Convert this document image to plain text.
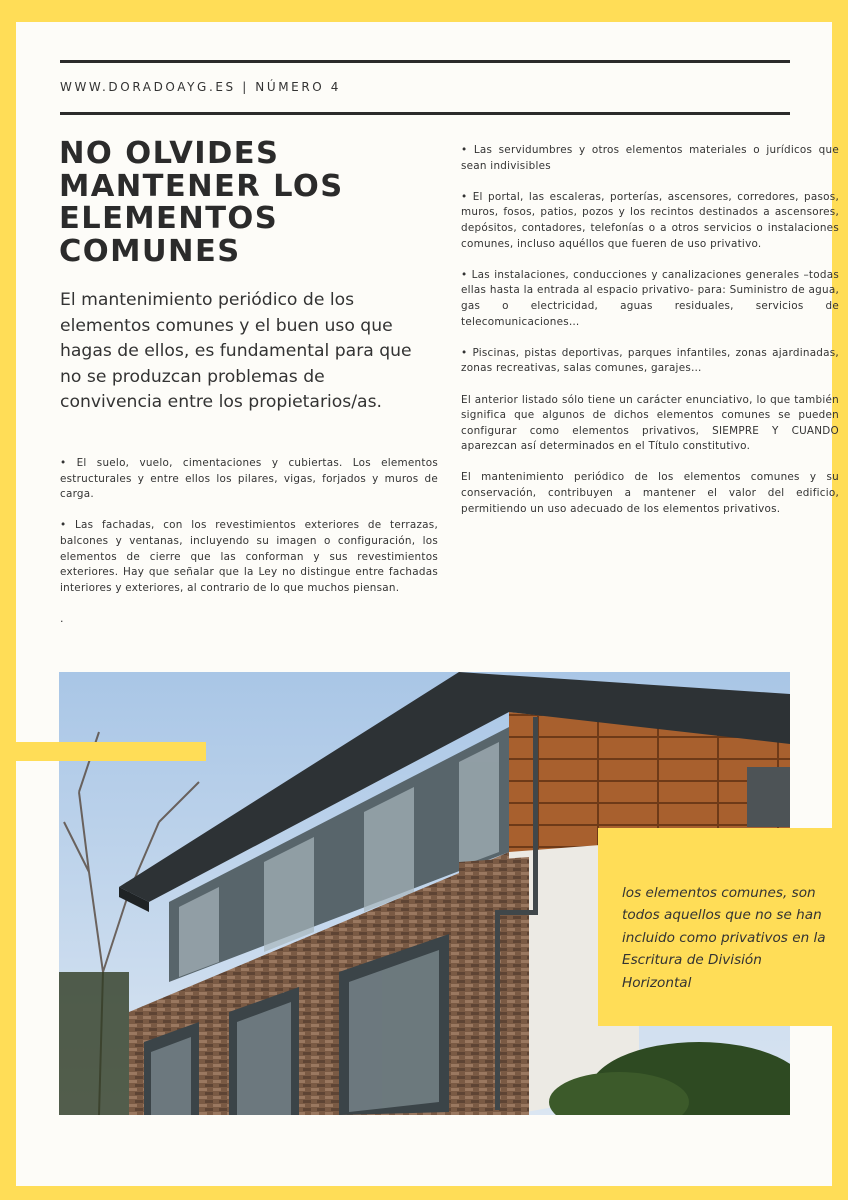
WWW.DORADOAYG.ES | NÚMERO 4
NO OLVIDES MANTENER LOS ELEMENTOS COMUNES
El mantenimiento periódico de los elementos comunes y el buen uso que hagas de ellos, es fundamental para que no se produzcan problemas de convivencia entre los propietarios/as.

• El suelo, vuelo, cimentaciones y cubiertas. Los elementos estructurales y entre ellos los pilares, vigas, forjados y muros de carga.

• Las fachadas, con los revestimientos exteriores de terrazas, balcones y ventanas, incluyendo su imagen o configuración, los elementos de cierre que las conforman y sus revestimientos exteriores. Hay que señalar que la Ley no distingue entre fachadas interiores y exteriores, al contrario de lo que muchos piensan.

.

• Las servidumbres y otros elementos materiales o jurídicos que sean indivisibles

• El portal, las escaleras, porterías, ascensores, corredores, pasos, muros, fosos, patios, pozos y los recintos destinados a ascensores, depósitos, contadores, telefonías o a otros servicios o instalaciones comunes, incluso aquéllos que fueren de uso privativo.

• Las instalaciones, conducciones y canalizaciones generales –todas ellas hasta la entrada al espacio privativo- para: Suministro de agua, gas o electricidad, aguas residuales, servicios de telecomunicaciones…

• Piscinas, pistas deportivas, parques infantiles, zonas ajardinadas, zonas recreativas, salas comunes, garajes…

El anterior listado sólo tiene un carácter enunciativo, lo que también significa que algunos de dichos elementos comunes se pueden configurar como elementos privativos, SIEMPRE Y CUANDO aparezcan así determinados en el Título constitutivo.

El mantenimiento periódico de los elementos comunes y su conservación, contribuyen a mantener el valor del edificio, permitiendo un uso adecuado de los elementos privativos.

los elementos comunes, son todos aquellos que no se han incluido como privativos en la Escritura de División Horizontal
